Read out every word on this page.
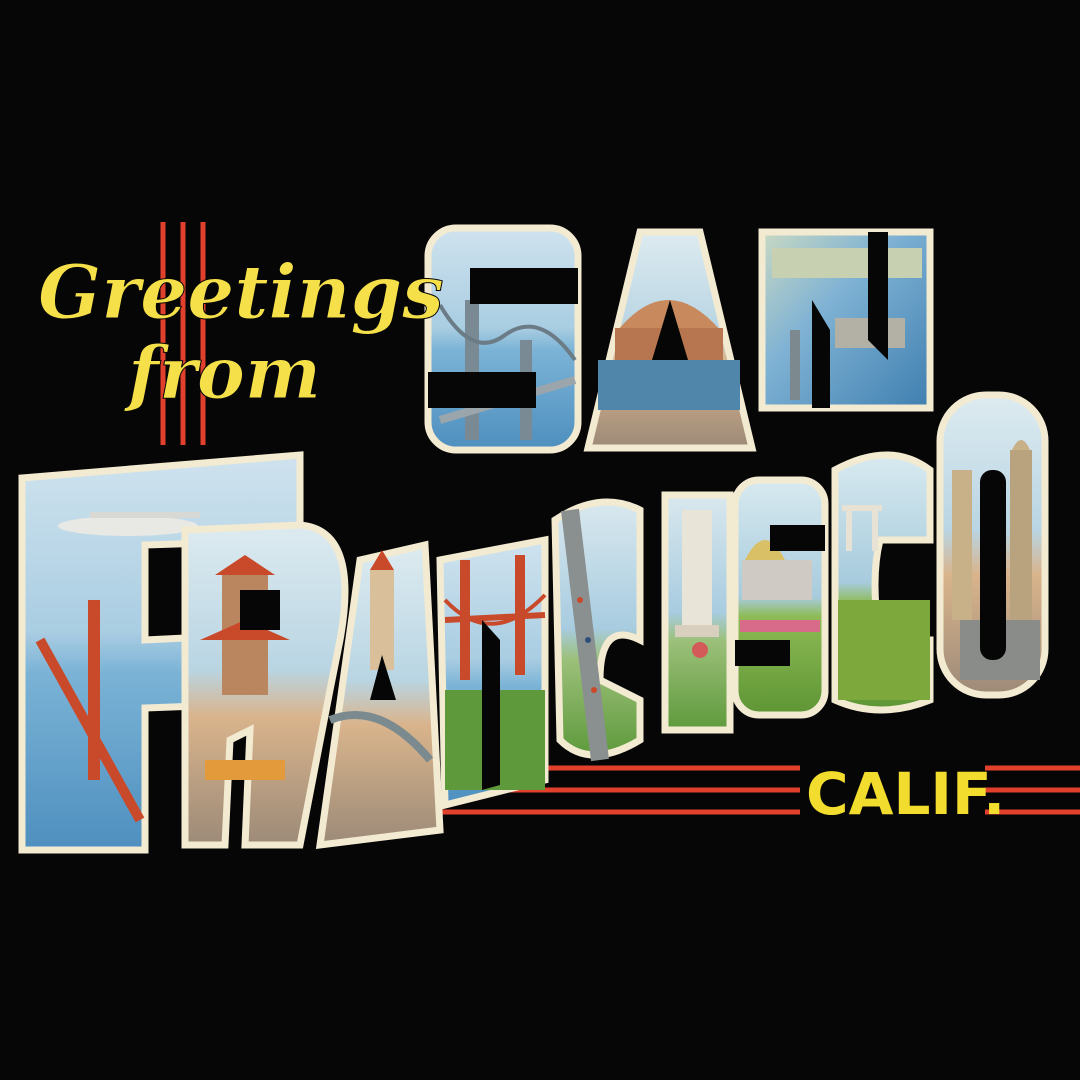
Greetings
from
CALIF.
